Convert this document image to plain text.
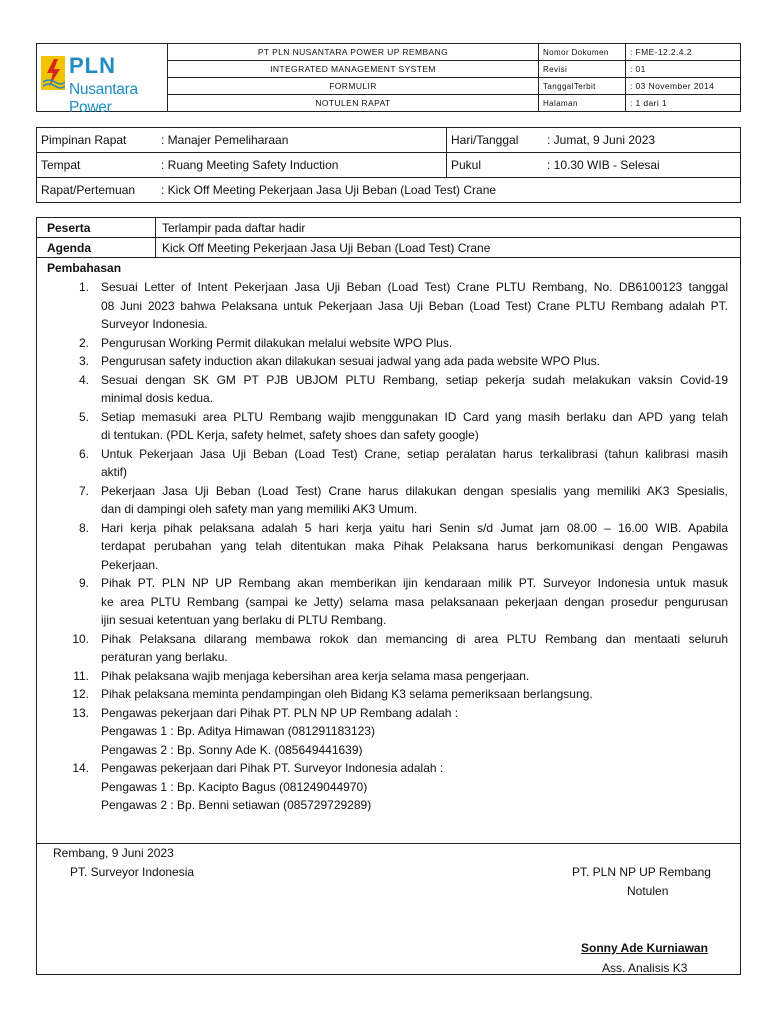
PLN
Nusantara Power	PT PLN NUSANTARA POWER UP REMBANG	Nomor Dokumen	: FME-12.2.4.2
	INTEGRATED MANAGEMENT SYSTEM	Revisi	: 01
	FORMULIR	TanggalTerbit	: 03 November 2014
	NOTULEN RAPAT	Halaman	: 1 dari 1
Pimpinan Rapat	: Manajer Pemeliharaan	Hari/Tanggal	: Jumat, 9 Juni 2023
Tempat	: Ruang Meeting Safety Induction	Pukul	: 10.30 WIB - Selesai
Rapat/Pertemuan	: Kick Off Meeting Pekerjaan Jasa Uji Beban (Load Test) Crane		
Peserta	Terlampir pada daftar hadir
Agenda	Kick Off Meeting Pekerjaan Jasa Uji Beban (Load Test) Crane
Pembahasan
1. Sesuai Letter of Intent Pekerjaan Jasa Uji Beban (Load Test) Crane PLTU Rembang, No. DB6100123 tanggal
08 Juni 2023 bahwa Pelaksana untuk Pekerjaan Jasa Uji Beban (Load Test) Crane PLTU Rembang adalah PT.
Surveyor Indonesia.
2. Pengurusan Working Permit dilakukan melalui website WPO Plus.
3. Pengurusan safety induction akan dilakukan sesuai jadwal yang ada pada website WPO Plus.
4. Sesuai dengan SK GM PT PJB UBJOM PLTU Rembang, setiap pekerja sudah melakukan vaksin Covid-19
minimal dosis kedua.
5. Setiap memasuki area PLTU Rembang wajib menggunakan ID Card yang masih berlaku dan APD yang telah
di tentukan. (PDL Kerja, safety helmet, safety shoes dan safety google)
6. Untuk Pekerjaan Jasa Uji Beban (Load Test) Crane, setiap peralatan harus terkalibrasi (tahun kalibrasi masih
aktif)
7. Pekerjaan Jasa Uji Beban (Load Test) Crane harus dilakukan dengan spesialis yang memiliki AK3 Spesialis,
dan di dampingi oleh safety man yang memiliki AK3 Umum.
8. Hari kerja pihak pelaksana adalah 5 hari kerja yaitu hari Senin s/d Jumat jam 08.00 – 16.00 WIB. Apabila
terdapat perubahan yang telah ditentukan maka Pihak Pelaksana harus berkomunikasi dengan Pengawas
Pekerjaan.
9. Pihak PT. PLN NP UP Rembang akan memberikan ijin kendaraan milik PT. Surveyor Indonesia untuk masuk
ke area PLTU Rembang (sampai ke Jetty) selama masa pelaksanaan pekerjaan dengan prosedur pengurusan
ijin sesuai ketentuan yang berlaku di PLTU Rembang.
10. Pihak Pelaksana dilarang membawa rokok dan memancing di area PLTU Rembang dan mentaati seluruh
peraturan yang berlaku.
11. Pihak pelaksana wajib menjaga kebersihan area kerja selama masa pengerjaan.
12. Pihak pelaksana meminta pendampingan oleh Bidang K3 selama pemeriksaan berlangsung.
13. Pengawas pekerjaan dari Pihak PT. PLN NP UP Rembang adalah :
Pengawas 1 : Bp. Aditya Himawan (081291183123)
Pengawas 2 : Bp. Sonny Ade K. (085649441639)
14. Pengawas pekerjaan dari Pihak PT. Surveyor Indonesia adalah :
Pengawas 1 : Bp. Kacipto Bagus (081249044970)
Pengawas 2 : Bp. Benni setiawan (085729729289)
Rembang, 9 Juni 2023
PT. Surveyor Indonesia	PT. PLN NP UP Rembang
Notulen
Sonny Ade Kurniawan
Ass. Analisis K3
